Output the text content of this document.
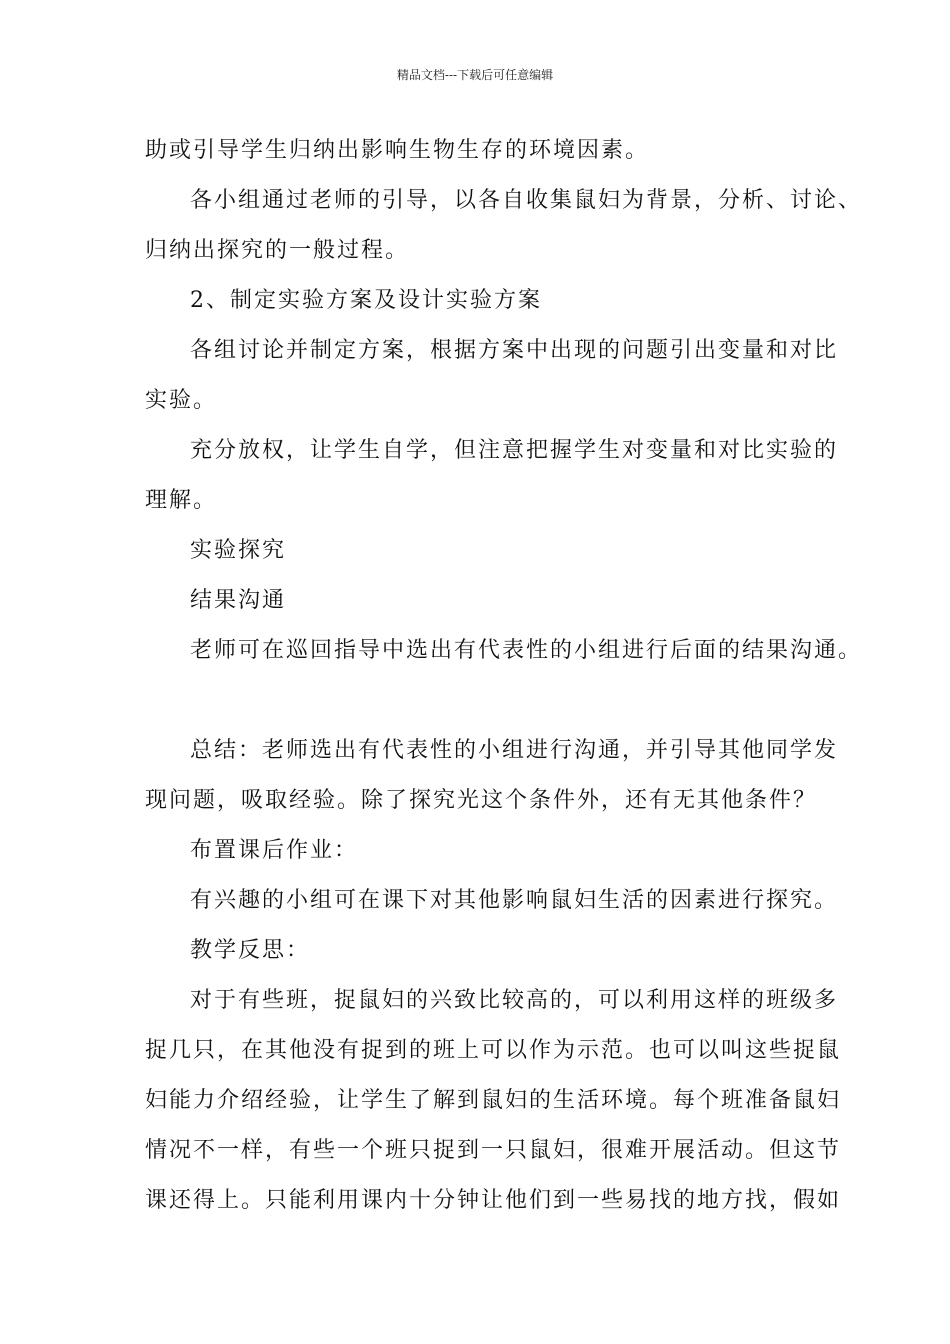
精品文档---下载后可任意编辑
助或引导学生归纳出影响生物生存的环境因素。
各小组通过老师的引导，以各自收集鼠妇为背景，分析、讨论、
归纳出探究的一般过程。
2、制定实验方案及设计实验方案
各组讨论并制定方案，根据方案中出现的问题引出变量和对比
实验。
充分放权，让学生自学，但注意把握学生对变量和对比实验的
理解。
实验探究
结果沟通
老师可在巡回指导中选出有代表性的小组进行后面的结果沟通。
总结：老师选出有代表性的小组进行沟通，并引导其他同学发
现问题，吸取经验。除了探究光这个条件外，还有无其他条件？
布置课后作业：
有兴趣的小组可在课下对其他影响鼠妇生活的因素进行探究。
教学反思：
对于有些班，捉鼠妇的兴致比较高的，可以利用这样的班级多
捉几只，在其他没有捉到的班上可以作为示范。也可以叫这些捉鼠
妇能力介绍经验，让学生了解到鼠妇的生活环境。每个班准备鼠妇
情况不一样，有些一个班只捉到一只鼠妇，很难开展活动。但这节
课还得上。只能利用课内十分钟让他们到一些易找的地方找，假如
